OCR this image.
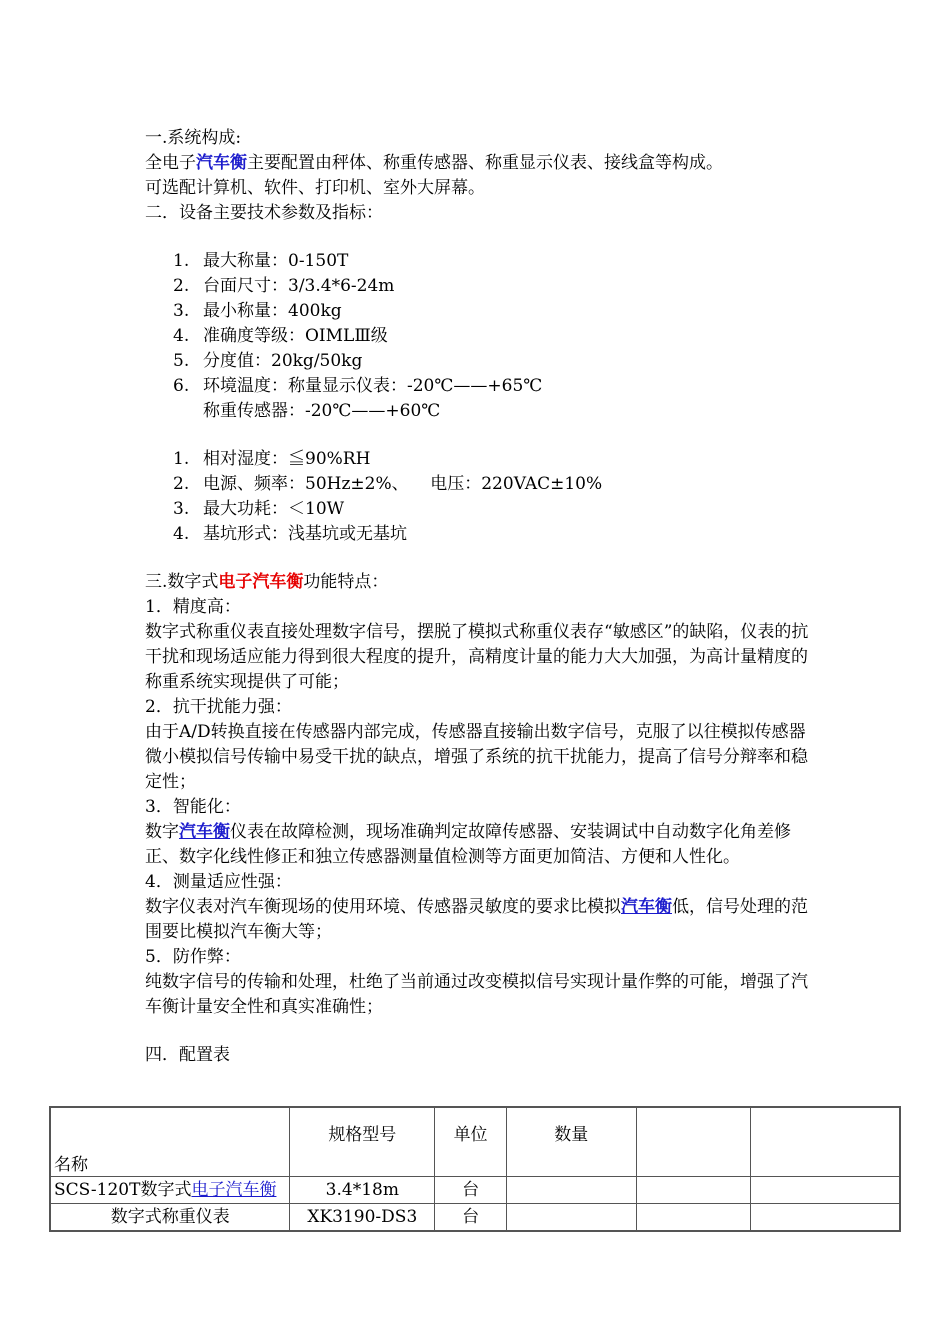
一.系统构成:
全电子汽车衡主要配置由秤体、称重传感器、称重显示仪表、接线盒等构成。
可选配计算机、软件、打印机、室外大屏幕。
二．设备主要技术参数及指标：
1. 最大称量：0-150T
2. 台面尺寸：3/3.4*6-24m
3. 最小称量：400kg
4. 准确度等级：OIMLⅢ级
5. 分度值：20kg/50kg
6. 环境温度：称量显示仪表：-20℃——+65℃
称重传感器：-20℃——+60℃
1. 相对湿度：≦90%RH
2. 电源、频率：50Hz±2%、    电压：220VAC±10%
3. 最大功耗：＜10W
4. 基坑形式：浅基坑或无基坑
三.数字式电子汽车衡功能特点：
1．精度高：
数字式称重仪表直接处理数字信号，摆脱了模拟式称重仪表存“敏感区”的缺陷，仪表的抗干扰和现场适应能力得到很大程度的提升，高精度计量的能力大大加强，为高计量精度的称重系统实现提供了可能；
2．抗干扰能力强：
由于A/D转换直接在传感器内部完成，传感器直接输出数字信号，克服了以往模拟传感器微小模拟信号传输中易受干扰的缺点，增强了系统的抗干扰能力，提高了信号分辩率和稳定性；
3．智能化：
数字汽车衡仪表在故障检测，现场准确判定故障传感器、安装调试中自动数字化角差修正、数字化线性修正和独立传感器测量值检测等方面更加简洁、方便和人性化。
4．测量适应性强：
数字仪表对汽车衡现场的使用环境、传感器灵敏度的要求比模拟汽车衡低，信号处理的范围要比模拟汽车衡大等；
5．防作弊：
纯数字信号的传输和处理，杜绝了当前通过改变模拟信号实现计量作弊的可能，增强了汽车衡计量安全性和真实准确性；
四．配置表
名称	规格型号	单位	数量		
SCS-120T数字式电子汽车衡	3.4*18m	台			
数字式称重仪表	XK3190-DS3	台			
